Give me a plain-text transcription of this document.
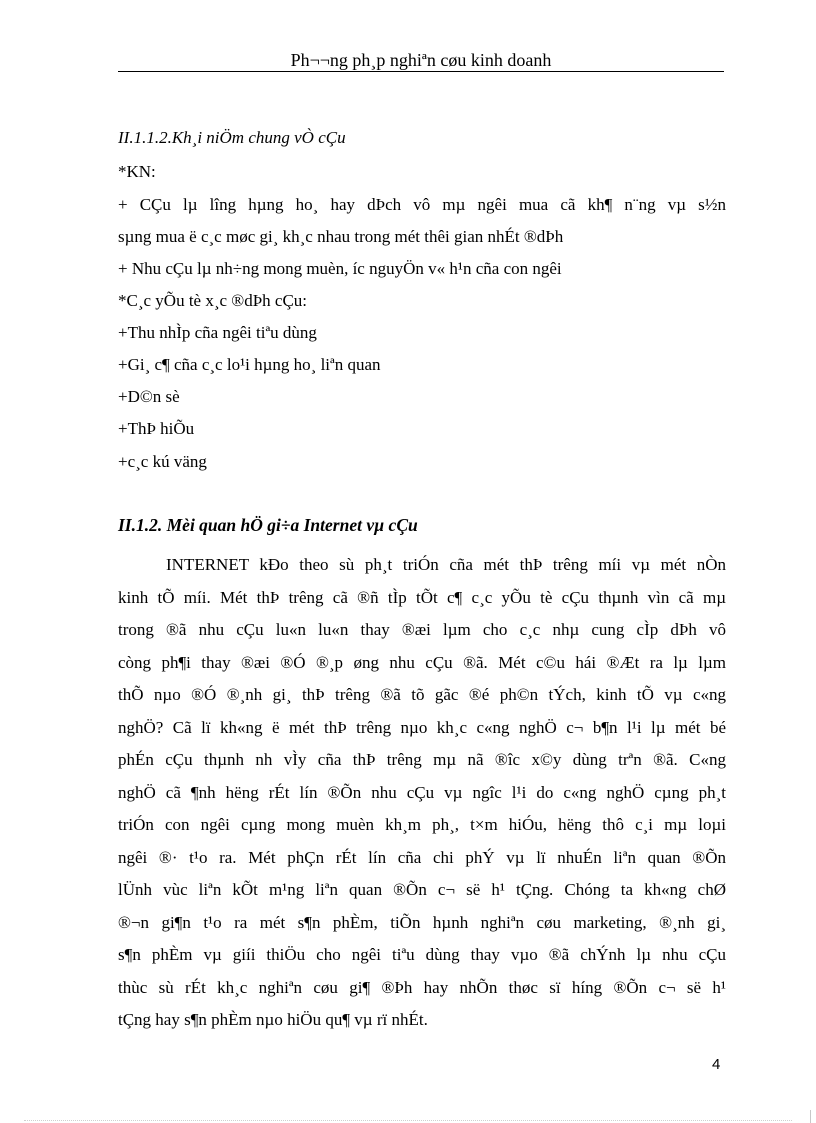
Ph¬¬ng ph¸p nghiªn cøu kinh doanh
II.1.1.2.Kh¸i niÖm chung vÒ cÇu
*KN:
+ CÇu lµ lîng hµng ho¸ hay dÞch vô mµ ngêi mua cã kh¶ n¨ng vµ s½n
sµng mua ë c¸c møc gi¸ kh¸c nhau trong mét thêi gian nhÉt ®dÞh
+ Nhu cÇu lµ nh÷ng mong muèn, íc nguyÖn v« h¹n cña con ngêi
*C¸c yÕu tè x¸c ®dÞh cÇu:
+Thu nhÌp cña ngêi tiªu dùng
+Gi¸ c¶ cña c¸c lo¹i hµng ho¸ liªn quan
+D©n sè
+ThÞ hiÕu
+c¸c kú väng
II.1.2. Mèi quan hÖ gi÷a Internet vµ cÇu
INTERNET kÐo theo sù ph¸t triÓn cña mét thÞ trêng míi vµ mét nÒn
kinh tÕ míi. Mét thÞ trêng cã ®ñ tÌp tÕt c¶ c¸c yÕu tè cÇu thµnh vìn cã mµ
trong ®ã nhu cÇu lu«n lu«n thay ®æi lµm cho c¸c nhµ cung cÌp dÞh vô
còng ph¶i thay ®æi ®Ó ®¸p øng nhu cÇu ®ã. Mét c©u hái ®Æt ra lµ lµm
thÕ nµo ®Ó ®¸nh gi¸ thÞ trêng ®ã tõ gãc ®é ph©n tÝch, kinh tÕ vµ c«ng
nghÖ? Cã lï kh«ng ë mét thÞ trêng nµo kh¸c c«ng nghÖ c¬ b¶n l¹i lµ mét bé
phÉn cÇu thµnh nh vÌy cña thÞ trêng mµ nã ®îc x©y dùng trªn ®ã. C«ng
nghÖ cã ¶nh hëng rÉt lín ®Õn nhu cÇu vµ ngîc l¹i do c«ng nghÖ cµng ph¸t
triÓn con ngêi cµng mong muèn kh¸m ph¸, t×m hiÓu, hëng thô c¸i mµ loµi
ngêi ®· t¹o ra. Mét phÇn rÉt lín cña chi phÝ vµ lï nhuÉn liªn quan ®Õn
lÜnh vùc liªn kÕt m¹ng liªn quan ®Õn c¬ së h¹ tÇng. Chóng ta kh«ng chØ
®¬n gi¶n t¹o ra mét s¶n phÈm, tiÕn hµnh nghiªn cøu marketing, ®¸nh gi¸
s¶n phÈm vµ giíi thiÖu cho ngêi tiªu dùng thay vµo ®ã chÝnh lµ nhu cÇu
thùc sù rÉt kh¸c nghiªn cøu gi¶ ®Þh hay nhÕn thøc sï híng ®Õn c¬ së h¹
tÇng hay s¶n phÈm nµo hiÖu qu¶ vµ rï nhÉt.
4
